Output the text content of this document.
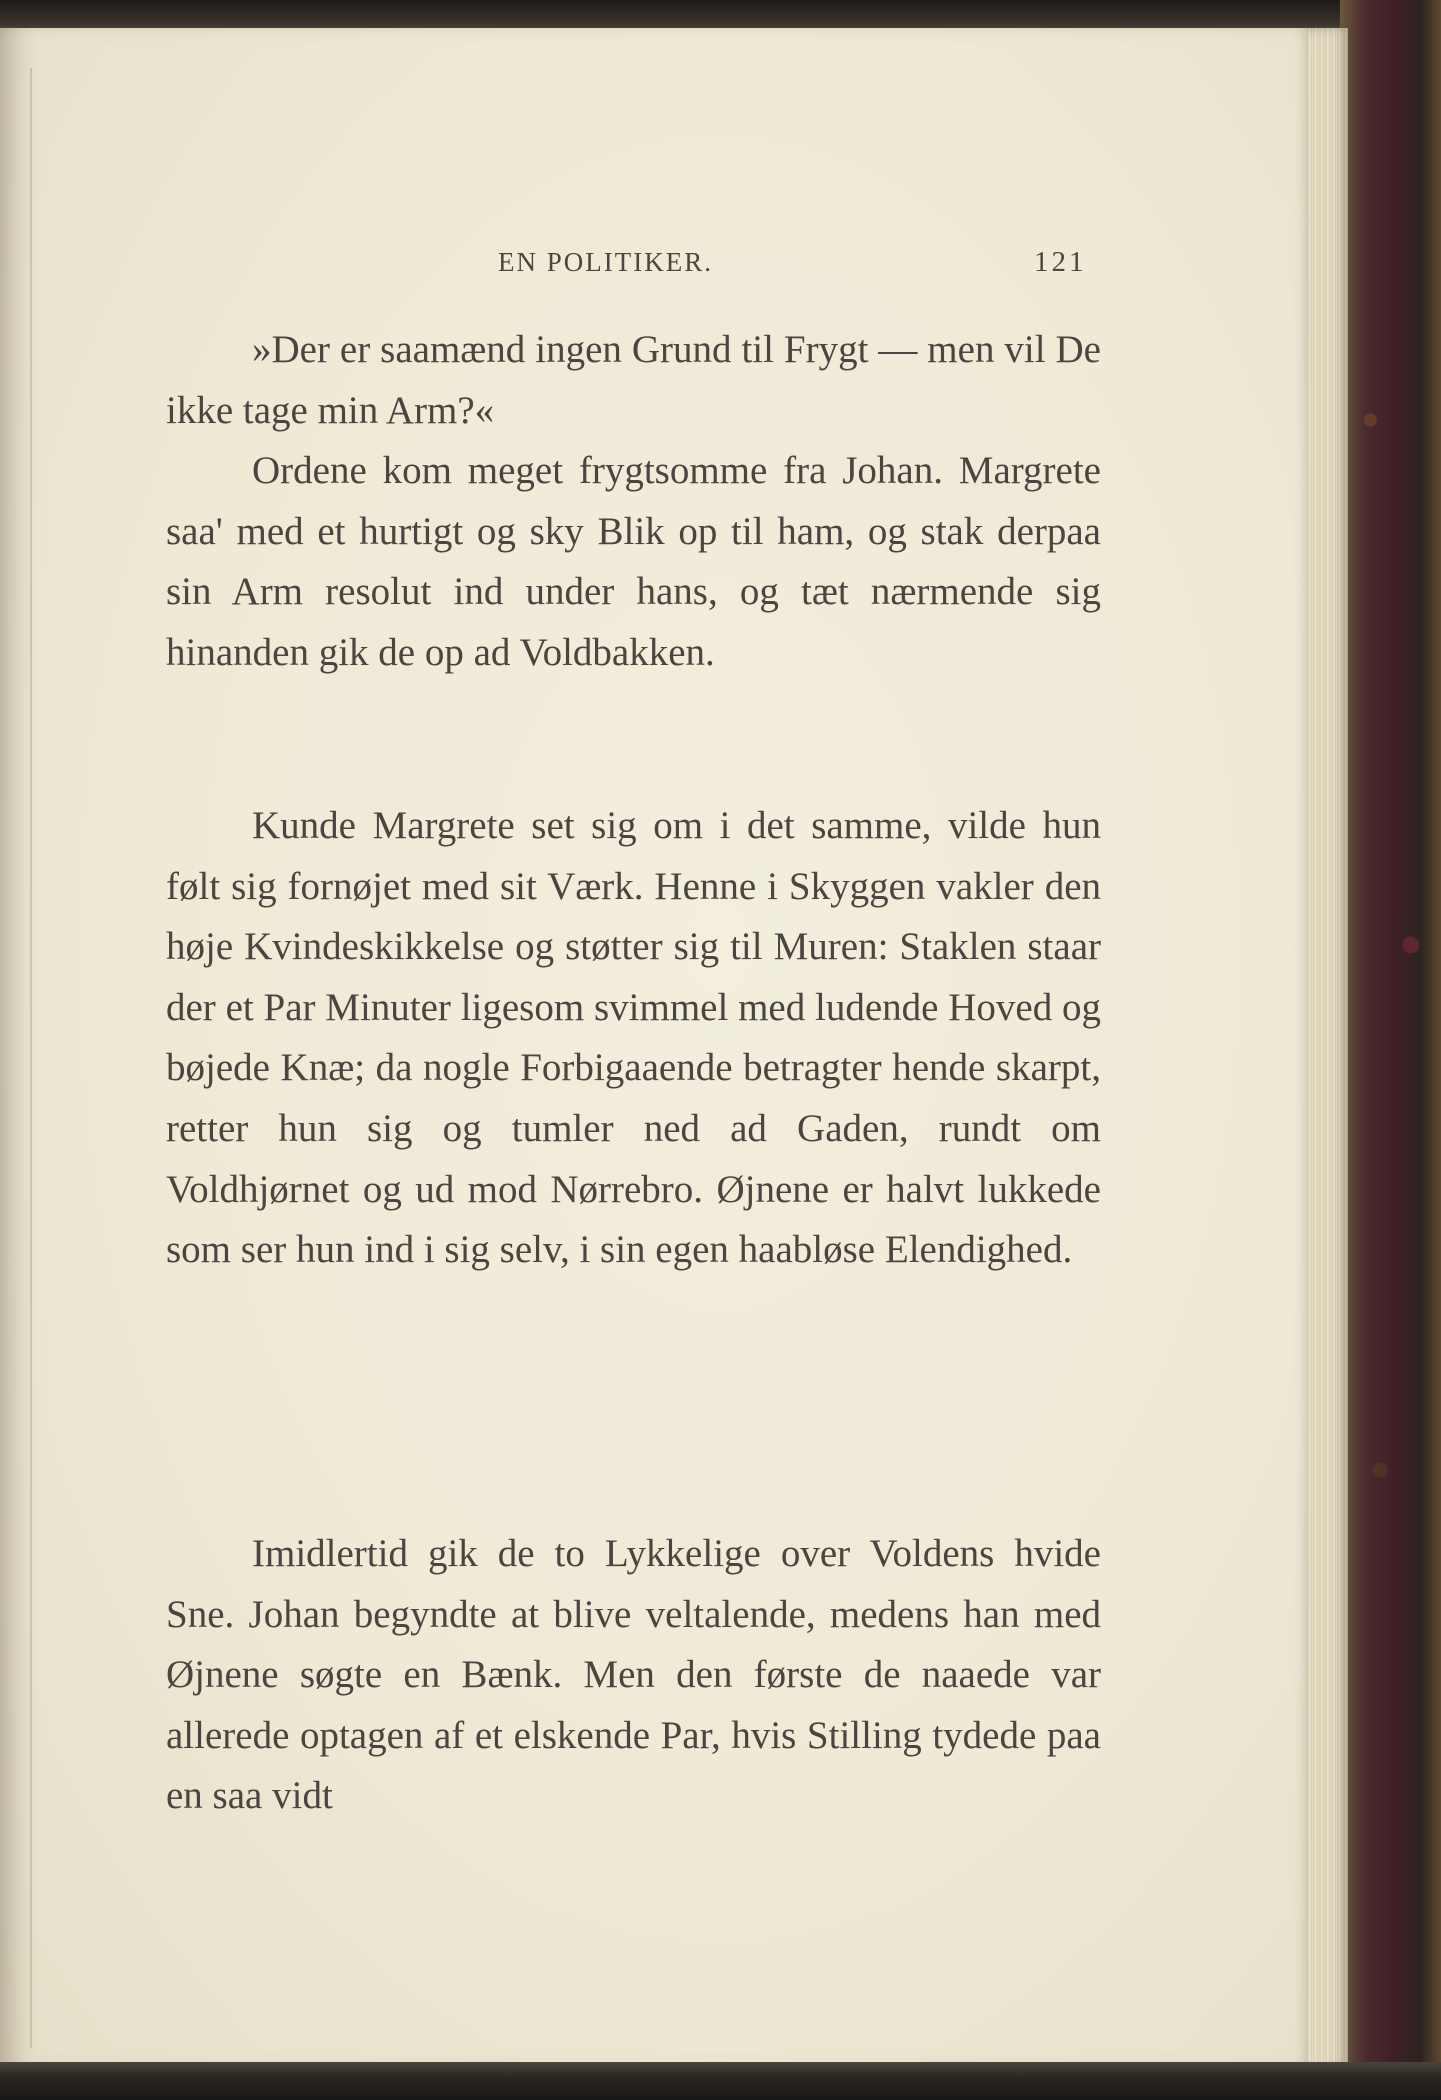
EN POLITIKER.	121

»Der er saamænd ingen Grund til Frygt — men vil De ikke tage min Arm?«

Ordene kom meget frygtsomme fra Johan. Margrete saa' med et hurtigt og sky Blik op til ham, og stak derpaa sin Arm resolut ind under hans, og tæt nærmende sig hinanden gik de op ad Voldbakken.

Kunde Margrete set sig om i det samme, vilde hun følt sig fornøjet med sit Værk. Henne i Skyggen vakler den høje Kvindeskikkelse og støtter sig til Muren: Staklen staar der et Par Minuter ligesom svimmel med ludende Hoved og bøjede Knæ; da nogle Forbigaaende betragter hende skarpt, retter hun sig og tumler ned ad Gaden, rundt om Voldhjørnet og ud mod Nørrebro. Øjnene er halvt lukkede som ser hun ind i sig selv, i sin egen haabløse Elendighed.

Imidlertid gik de to Lykkelige over Voldens hvide Sne. Johan begyndte at blive veltalende, medens han med Øjnene søgte en Bænk. Men den første de naaede var allerede optagen af et elskende Par, hvis Stilling tydede paa en saa vidt
